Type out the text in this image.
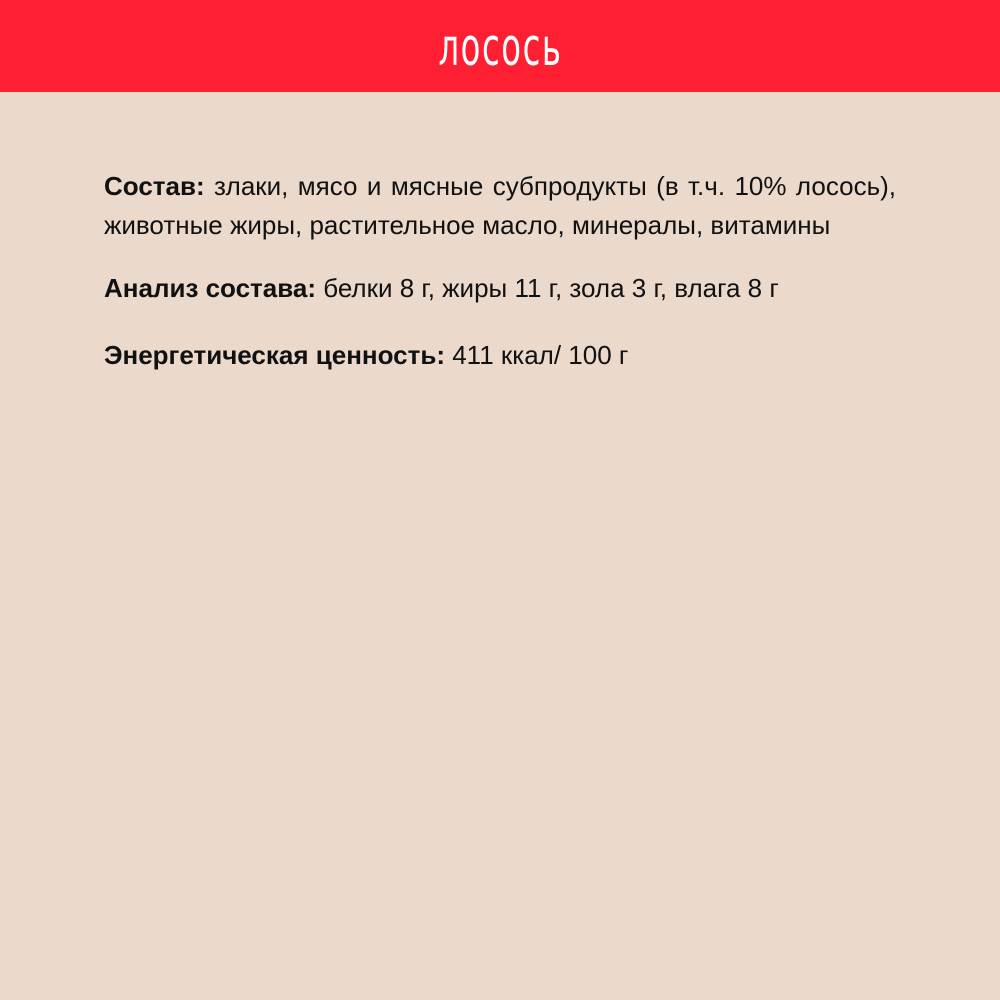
лосось

Состав: злаки, мясо и мясные субпродукты (в т.ч. 10% лосось), животные жиры, растительное масло, минералы, витамины

Анализ состава: белки 8 г, жиры 11 г, зола 3 г, влага 8 г

Энергетическая ценность: 411 ккал/ 100 г
